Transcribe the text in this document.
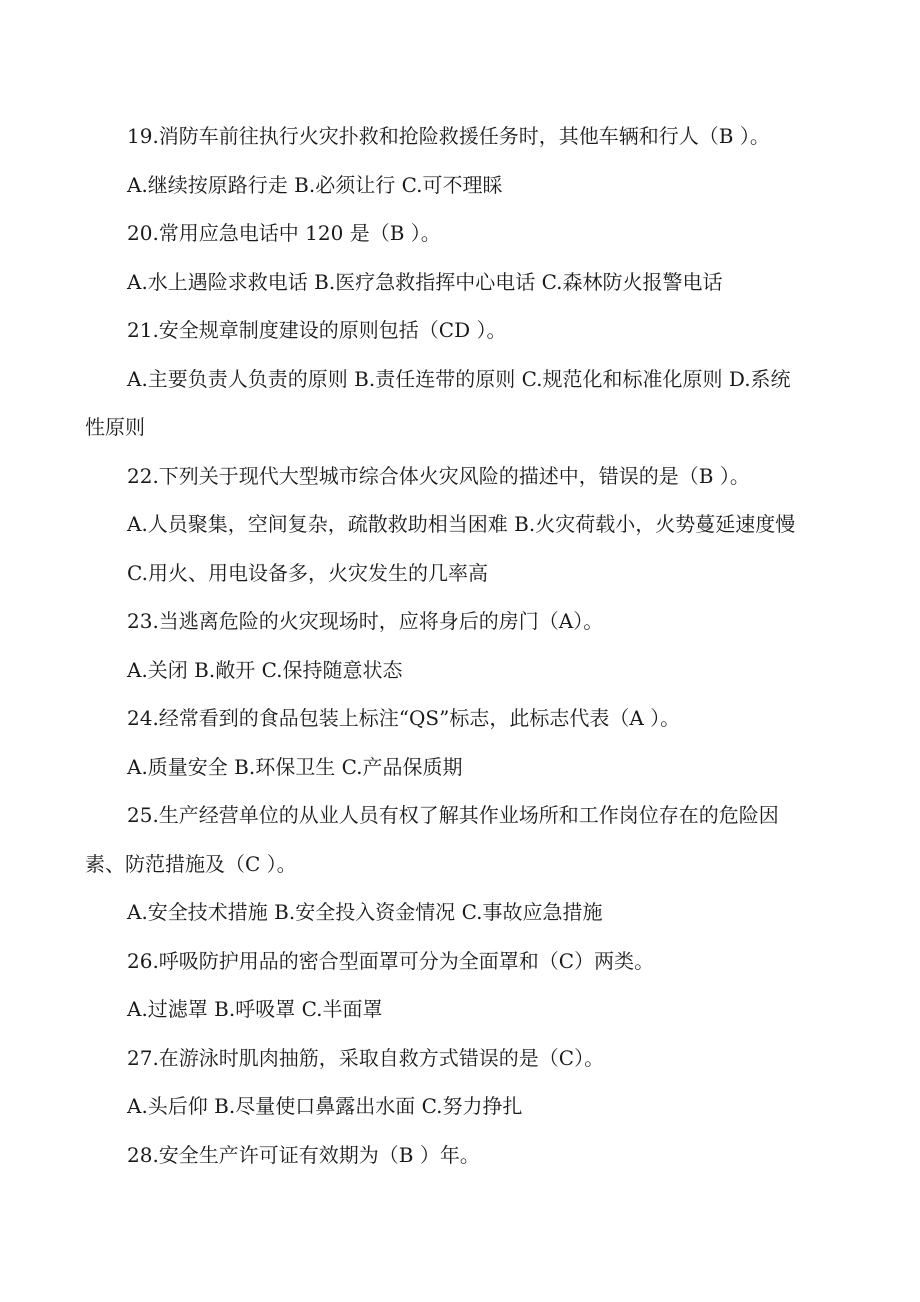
19.消防车前往执行火灾扑救和抢险救援任务时，其他车辆和行人（B ）。
A.继续按原路行走 B.必须让行 C.可不理睬
20.常用应急电话中 120 是（B ）。
A.水上遇险求救电话 B.医疗急救指挥中心电话 C.森林防火报警电话
21.安全规章制度建设的原则包括（CD ）。
A.主要负责人负责的原则 B.责任连带的原则 C.规范化和标准化原则 D.系统
性原则
22.下列关于现代大型城市综合体火灾风险的描述中，错误的是（B ）。
A.人员聚集，空间复杂，疏散救助相当困难 B.火灾荷载小，火势蔓延速度慢
C.用火、用电设备多，火灾发生的几率高
23.当逃离危险的火灾现场时，应将身后的房门（A）。
A.关闭 B.敞开 C.保持随意状态
24.经常看到的食品包装上标注“QS”标志，此标志代表（A ）。
A.质量安全 B.环保卫生 C.产品保质期
25.生产经营单位的从业人员有权了解其作业场所和工作岗位存在的危险因
素、防范措施及（C ）。
A.安全技术措施 B.安全投入资金情况 C.事故应急措施
26.呼吸防护用品的密合型面罩可分为全面罩和（C）两类。
A.过滤罩 B.呼吸罩 C.半面罩
27.在游泳时肌肉抽筋，采取自救方式错误的是（C）。
A.头后仰 B.尽量使口鼻露出水面 C.努力挣扎
28.安全生产许可证有效期为（B ）年。
